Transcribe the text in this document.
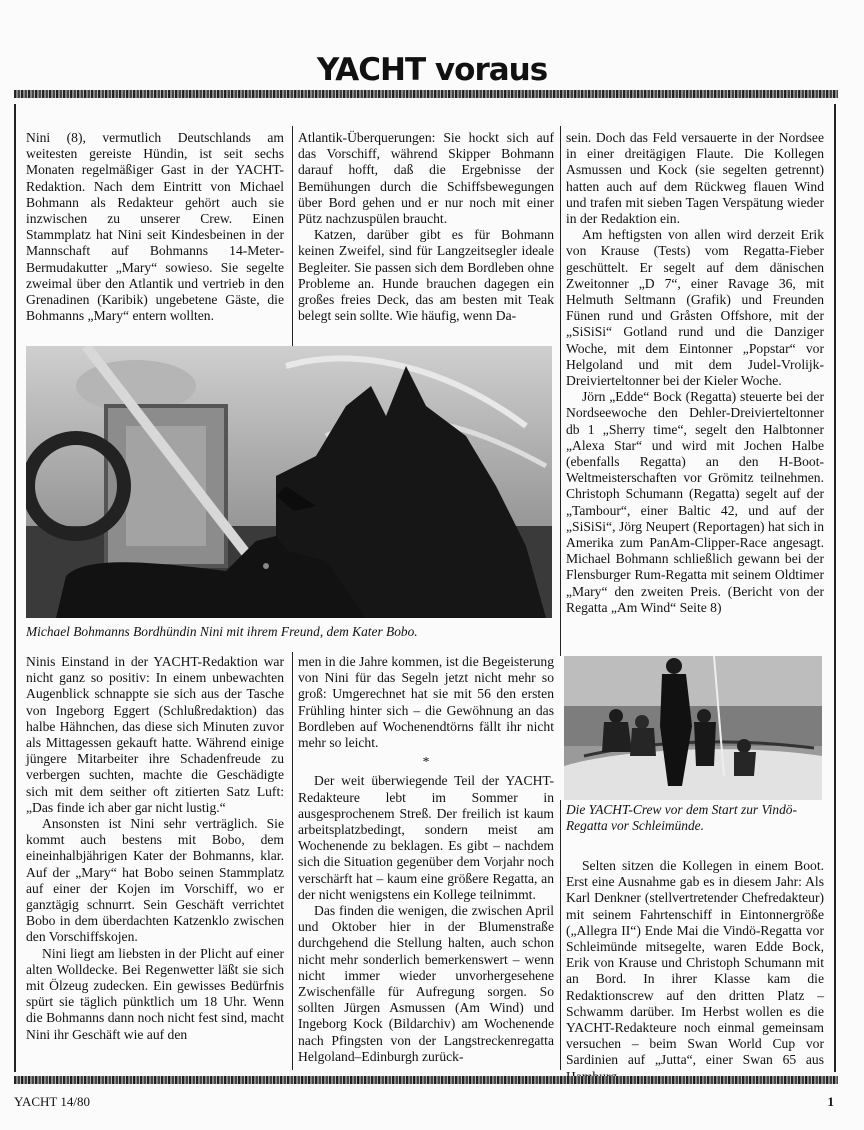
YACHT voraus

Nini (8), vermutlich Deutschlands am weitesten gereiste Hündin, ist seit sechs Monaten regelmäßiger Gast in der YACHT-Redaktion. Nach dem Eintritt von Michael Bohmann als Redakteur gehört auch sie inzwischen zu unserer Crew. Einen Stammplatz hat Nini seit Kindesbeinen in der Mannschaft auf Bohmanns 14-Meter-Bermudakutter „Mary“ sowieso. Sie segelte zweimal über den Atlantik und vertrieb in den Grenadinen (Karibik) ungebetene Gäste, die Bohmanns „Mary“ entern wollten.

Atlantik-Überquerungen: Sie hockt sich auf das Vorschiff, während Skipper Bohmann darauf hofft, daß die Ergebnisse der Bemühungen durch die Schiffsbewegungen über Bord gehen und er nur noch mit einer Pütz nachzuspülen braucht.

Katzen, darüber gibt es für Bohmann keinen Zweifel, sind für Langzeitsegler ideale Begleiter. Sie passen sich dem Bordleben ohne Probleme an. Hunde brauchen dagegen ein großes freies Deck, das am besten mit Teak belegt sein sollte. Wie häufig, wenn Da-

sein. Doch das Feld versauerte in der Nordsee in einer dreitägigen Flaute. Die Kollegen Asmussen und Kock (sie segelten getrennt) hatten auch auf dem Rückweg flauen Wind und trafen mit sieben Tagen Verspätung wieder in der Redaktion ein.

Am heftigsten von allen wird derzeit Erik von Krause (Tests) vom Regatta-Fieber geschüttelt. Er segelt auf dem dänischen Zweitonner „D 7“, einer Ravage 36, mit Helmuth Seltmann (Grafik) und Freunden Fünen rund und Gråsten Offshore, mit der „SiSiSi“ Gotland rund und die Danziger Woche, mit dem Eintonner „Popstar“ vor Helgoland und mit dem Judel-Vrolijk-Dreivierteltonner bei der Kieler Woche.

Jörn „Edde“ Bock (Regatta) steuerte bei der Nordseewoche den Dehler-Dreivierteltonner db 1 „Sherry time“, segelt den Halbtonner „Alexa Star“ und wird mit Jochen Halbe (ebenfalls Regatta) an den H-Boot-Weltmeisterschaften vor Grömitz teilnehmen. Christoph Schumann (Regatta) segelt auf der „Tambour“, einer Baltic 42, und auf der „SiSiSi“, Jörg Neupert (Reportagen) hat sich in Amerika zum PanAm-Clipper-Race angesagt. Michael Bohmann schließlich gewann bei der Flensburger Rum-Regatta mit seinem Oldtimer „Mary“ den zweiten Preis. (Bericht von der Regatta „Am Wind“ Seite 8)

Michael Bohmanns Bordhündin Nini mit ihrem Freund, dem Kater Bobo.

Ninis Einstand in der YACHT-Redaktion war nicht ganz so positiv: In einem unbewachten Augenblick schnappte sie sich aus der Tasche von Ingeborg Eggert (Schlußredaktion) das halbe Hähnchen, das diese sich Minuten zuvor als Mittagessen gekauft hatte. Während einige jüngere Mitarbeiter ihre Schadenfreude zu verbergen suchten, machte die Geschädigte sich mit dem seither oft zitierten Satz Luft: „Das finde ich aber gar nicht lustig.“

Ansonsten ist Nini sehr verträglich. Sie kommt auch bestens mit Bobo, dem eineinhalbjährigen Kater der Bohmanns, klar. Auf der „Mary“ hat Bobo seinen Stammplatz auf einer der Kojen im Vorschiff, wo er ganztägig schnurrt. Sein Geschäft verrichtet Bobo in dem überdachten Katzenklo zwischen den Vorschiffskojen.

Nini liegt am liebsten in der Plicht auf einer alten Wolldecke. Bei Regenwetter läßt sie sich mit Ölzeug zudecken. Ein gewisses Bedürfnis spürt sie täglich pünktlich um 18 Uhr. Wenn die Bohmanns dann noch nicht fest sind, macht Nini ihr Geschäft wie auf den

men in die Jahre kommen, ist die Begeisterung von Nini für das Segeln jetzt nicht mehr so groß: Umgerechnet hat sie mit 56 den ersten Frühling hinter sich – die Gewöhnung an das Bordleben auf Wochenendtörns fällt ihr nicht mehr so leicht.

*

Der weit überwiegende Teil der YACHT-Redakteure lebt im Sommer in ausgesprochenem Streß. Der freilich ist kaum arbeitsplatzbedingt, sondern meist am Wochenende zu beklagen. Es gibt – nachdem sich die Situation gegenüber dem Vorjahr noch verschärft hat – kaum eine größere Regatta, an der nicht wenigstens ein Kollege teilnimmt.

Das finden die wenigen, die zwischen April und Oktober hier in der Blumenstraße durchgehend die Stellung halten, auch schon nicht mehr sonderlich bemerkenswert – wenn nicht immer wieder unvorhergesehene Zwischenfälle für Aufregung sorgen. So sollten Jürgen Asmussen (Am Wind) und Ingeborg Kock (Bildarchiv) am Wochenende nach Pfingsten von der Langstreckenregatta Helgoland–Edinburgh zurück-

Die YACHT-Crew vor dem Start zur Vindö-Regatta vor Schleimünde.

Selten sitzen die Kollegen in einem Boot. Erst eine Ausnahme gab es in diesem Jahr: Als Karl Denkner (stellvertretender Chefredakteur) mit seinem Fahrtenschiff in Eintonnergröße („Allegra II“) Ende Mai die Vindö-Regatta vor Schleimünde mitsegelte, waren Edde Bock, Erik von Krause und Christoph Schumann mit an Bord. In ihrer Klasse kam die Redaktionscrew auf den dritten Platz – Schwamm darüber. Im Herbst wollen es die YACHT-Redakteure noch einmal gemeinsam versuchen – beim Swan World Cup vor Sardinien auf „Jutta“, einer Swan 65 aus

YACHT 14/80	1
